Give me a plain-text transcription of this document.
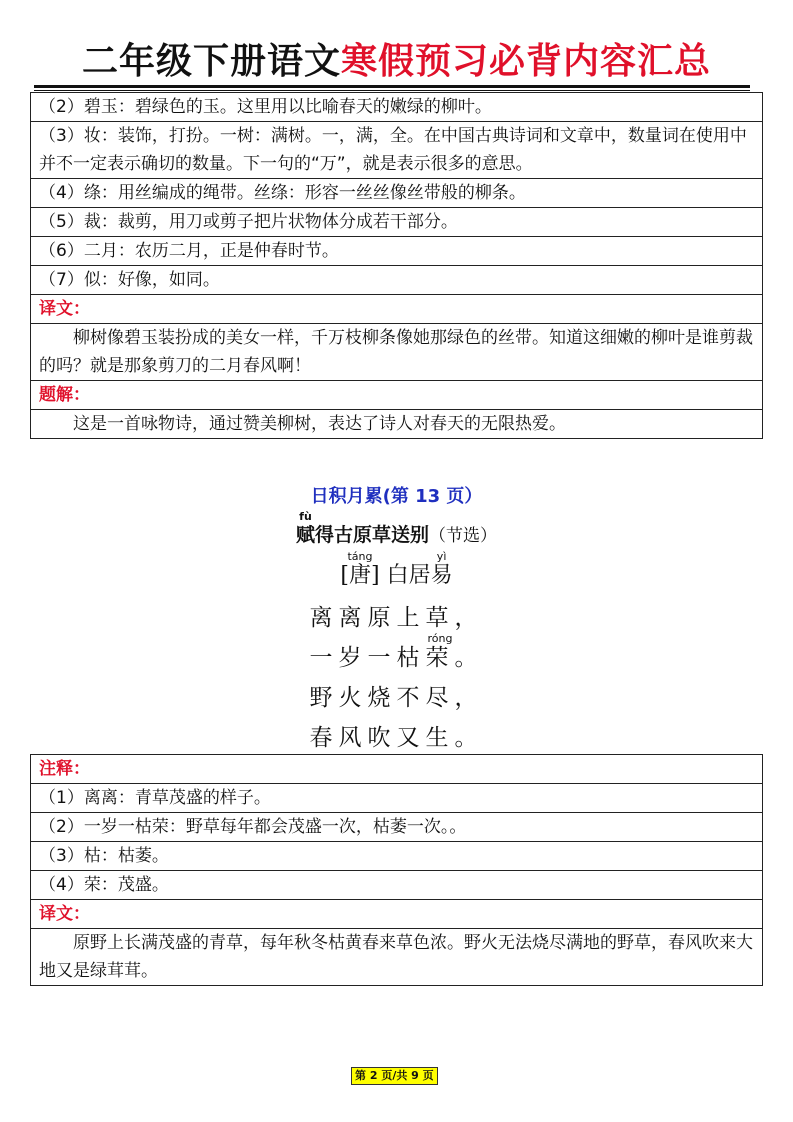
二年级下册语文寒假预习必背内容汇总
（2）碧玉：碧绿色的玉。这里用以比喻春天的嫩绿的柳叶。
（3）妆：装饰，打扮。一树：满树。一，满，全。在中国古典诗词和文章中，数量词在使用中并不一定表示确切的数量。下一句的“万”，就是表示很多的意思。
（4）绦：用丝编成的绳带。丝绦：形容一丝丝像丝带般的柳条。
（5）裁：裁剪，用刀或剪子把片状物体分成若干部分。
（6）二月：农历二月，正是仲春时节。
（7）似：好像，如同。
译文：
柳树像碧玉装扮成的美女一样，千万枝柳条像她那绿色的丝带。知道这细嫩的柳叶是谁剪裁的吗？就是那象剪刀的二月春风啊！
题解：
这是一首咏物诗，通过赞美柳树，表达了诗人对春天的无限热爱。
日积月累(第 13 页）
fù
赋得古原草送别（节选）
[
táng
唐] 白居
yì
易
离离原上草，
一岁一枯
róng
荣。
野火烧不尽，
春风吹又生。
注释：
（1）离离：青草茂盛的样子。
（2）一岁一枯荣：野草每年都会茂盛一次，枯萎一次。。
（3）枯：枯萎。
（4）荣：茂盛。
译文：
原野上长满茂盛的青草，每年秋冬枯黄春来草色浓。野火无法烧尽满地的野草，春风吹来大地又是绿茸茸。
第 2 页/共 9 页
